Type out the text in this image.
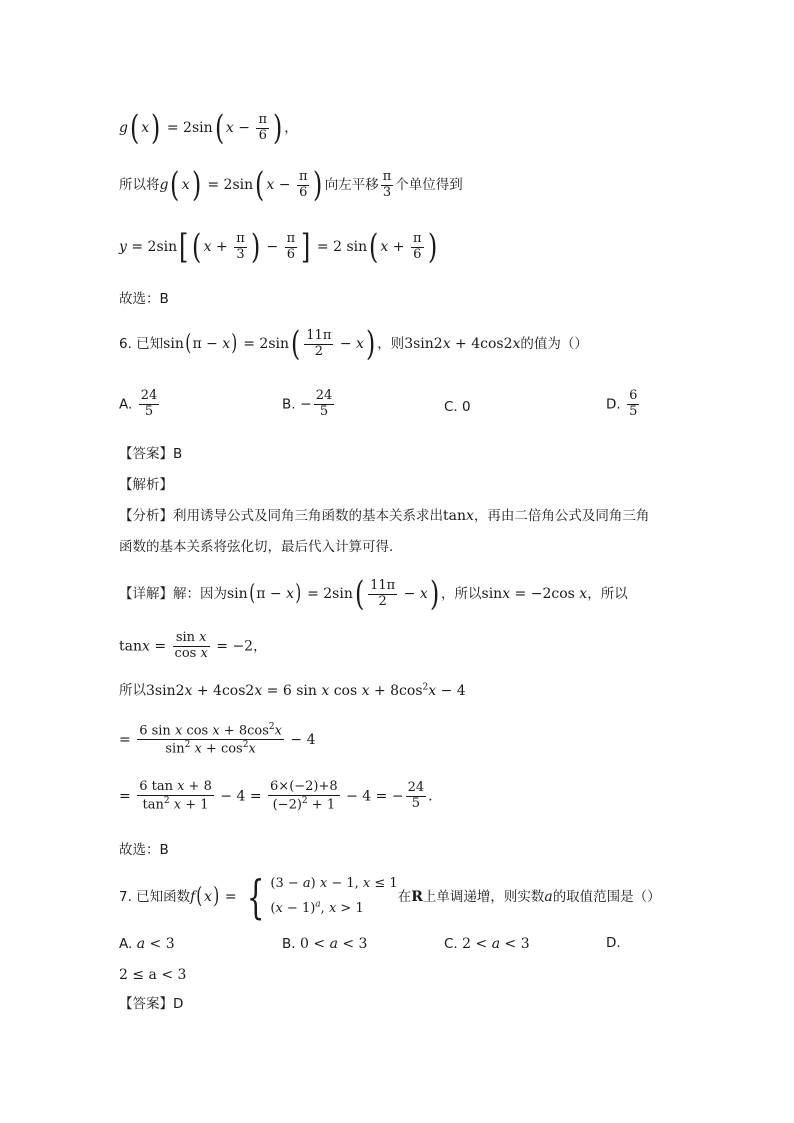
g( x) = 2sin( $x - \frac{\pi}{6}$ ) ，
所以将g( x) = 2sin( $x - \frac{\pi}{6}$ ) 向左平移 $\frac{\pi}{3}$ 个单位得到
y = 2sin[ ( $x + \frac{\pi}{3}$ ) − $\frac{\pi}{6}$ ] = 2 sin( $x + \frac{\pi}{6}$ )
故选：B
6. 已知$\sin(\pi - x) = 2\sin( \frac{11\pi}{2} - x)$ ，则3sin2x + 4cos2x的值为（）
A. $\frac{24}{5}$	B. − $\frac{24}{5}$	C. 0	D. $\frac{6}{5}$
【答案】B
【解析】
【分析】利用诱导公式及同角三角函数的基本关系求出tanx，再由二倍角公式及同角三角
函数的基本关系将弦化切，最后代入计算可得.
【详解】解：因为$\sin(\pi - x) = 2\sin( \frac{11\pi}{2} - x)$ ，所以sinx = −2cos x，所以
$\tan x = \frac{\text{sin x}}{\text{cos x}} = -2$，
所以3sin2x + 4cos2x = 6 sin x $\cos x + 8\cos^2x - 4$
= $\frac{6 \sin x \cos x + 8\cos^2x}{\sin^2 x + \cos^2x} - 4$
= $\frac{\text{6 tan x + 8}}{\tan^2 x + 1} - 4 = \frac{6\times(-2)+8}{(-2)^2 + 1} - 4$ = − $\frac{24}{5}$ .
故选：B
7. 已知函数f(x) = { (3 − a) x − 1, x ≤ 1
$(x - 1)^a$, x > 1在R上单调递增，则实数a的取值范围是（）
A. a < 3	B. 0 < a < 3	C. 2 < a < 3	D.
2 ≤ a < 3
【答案】D
